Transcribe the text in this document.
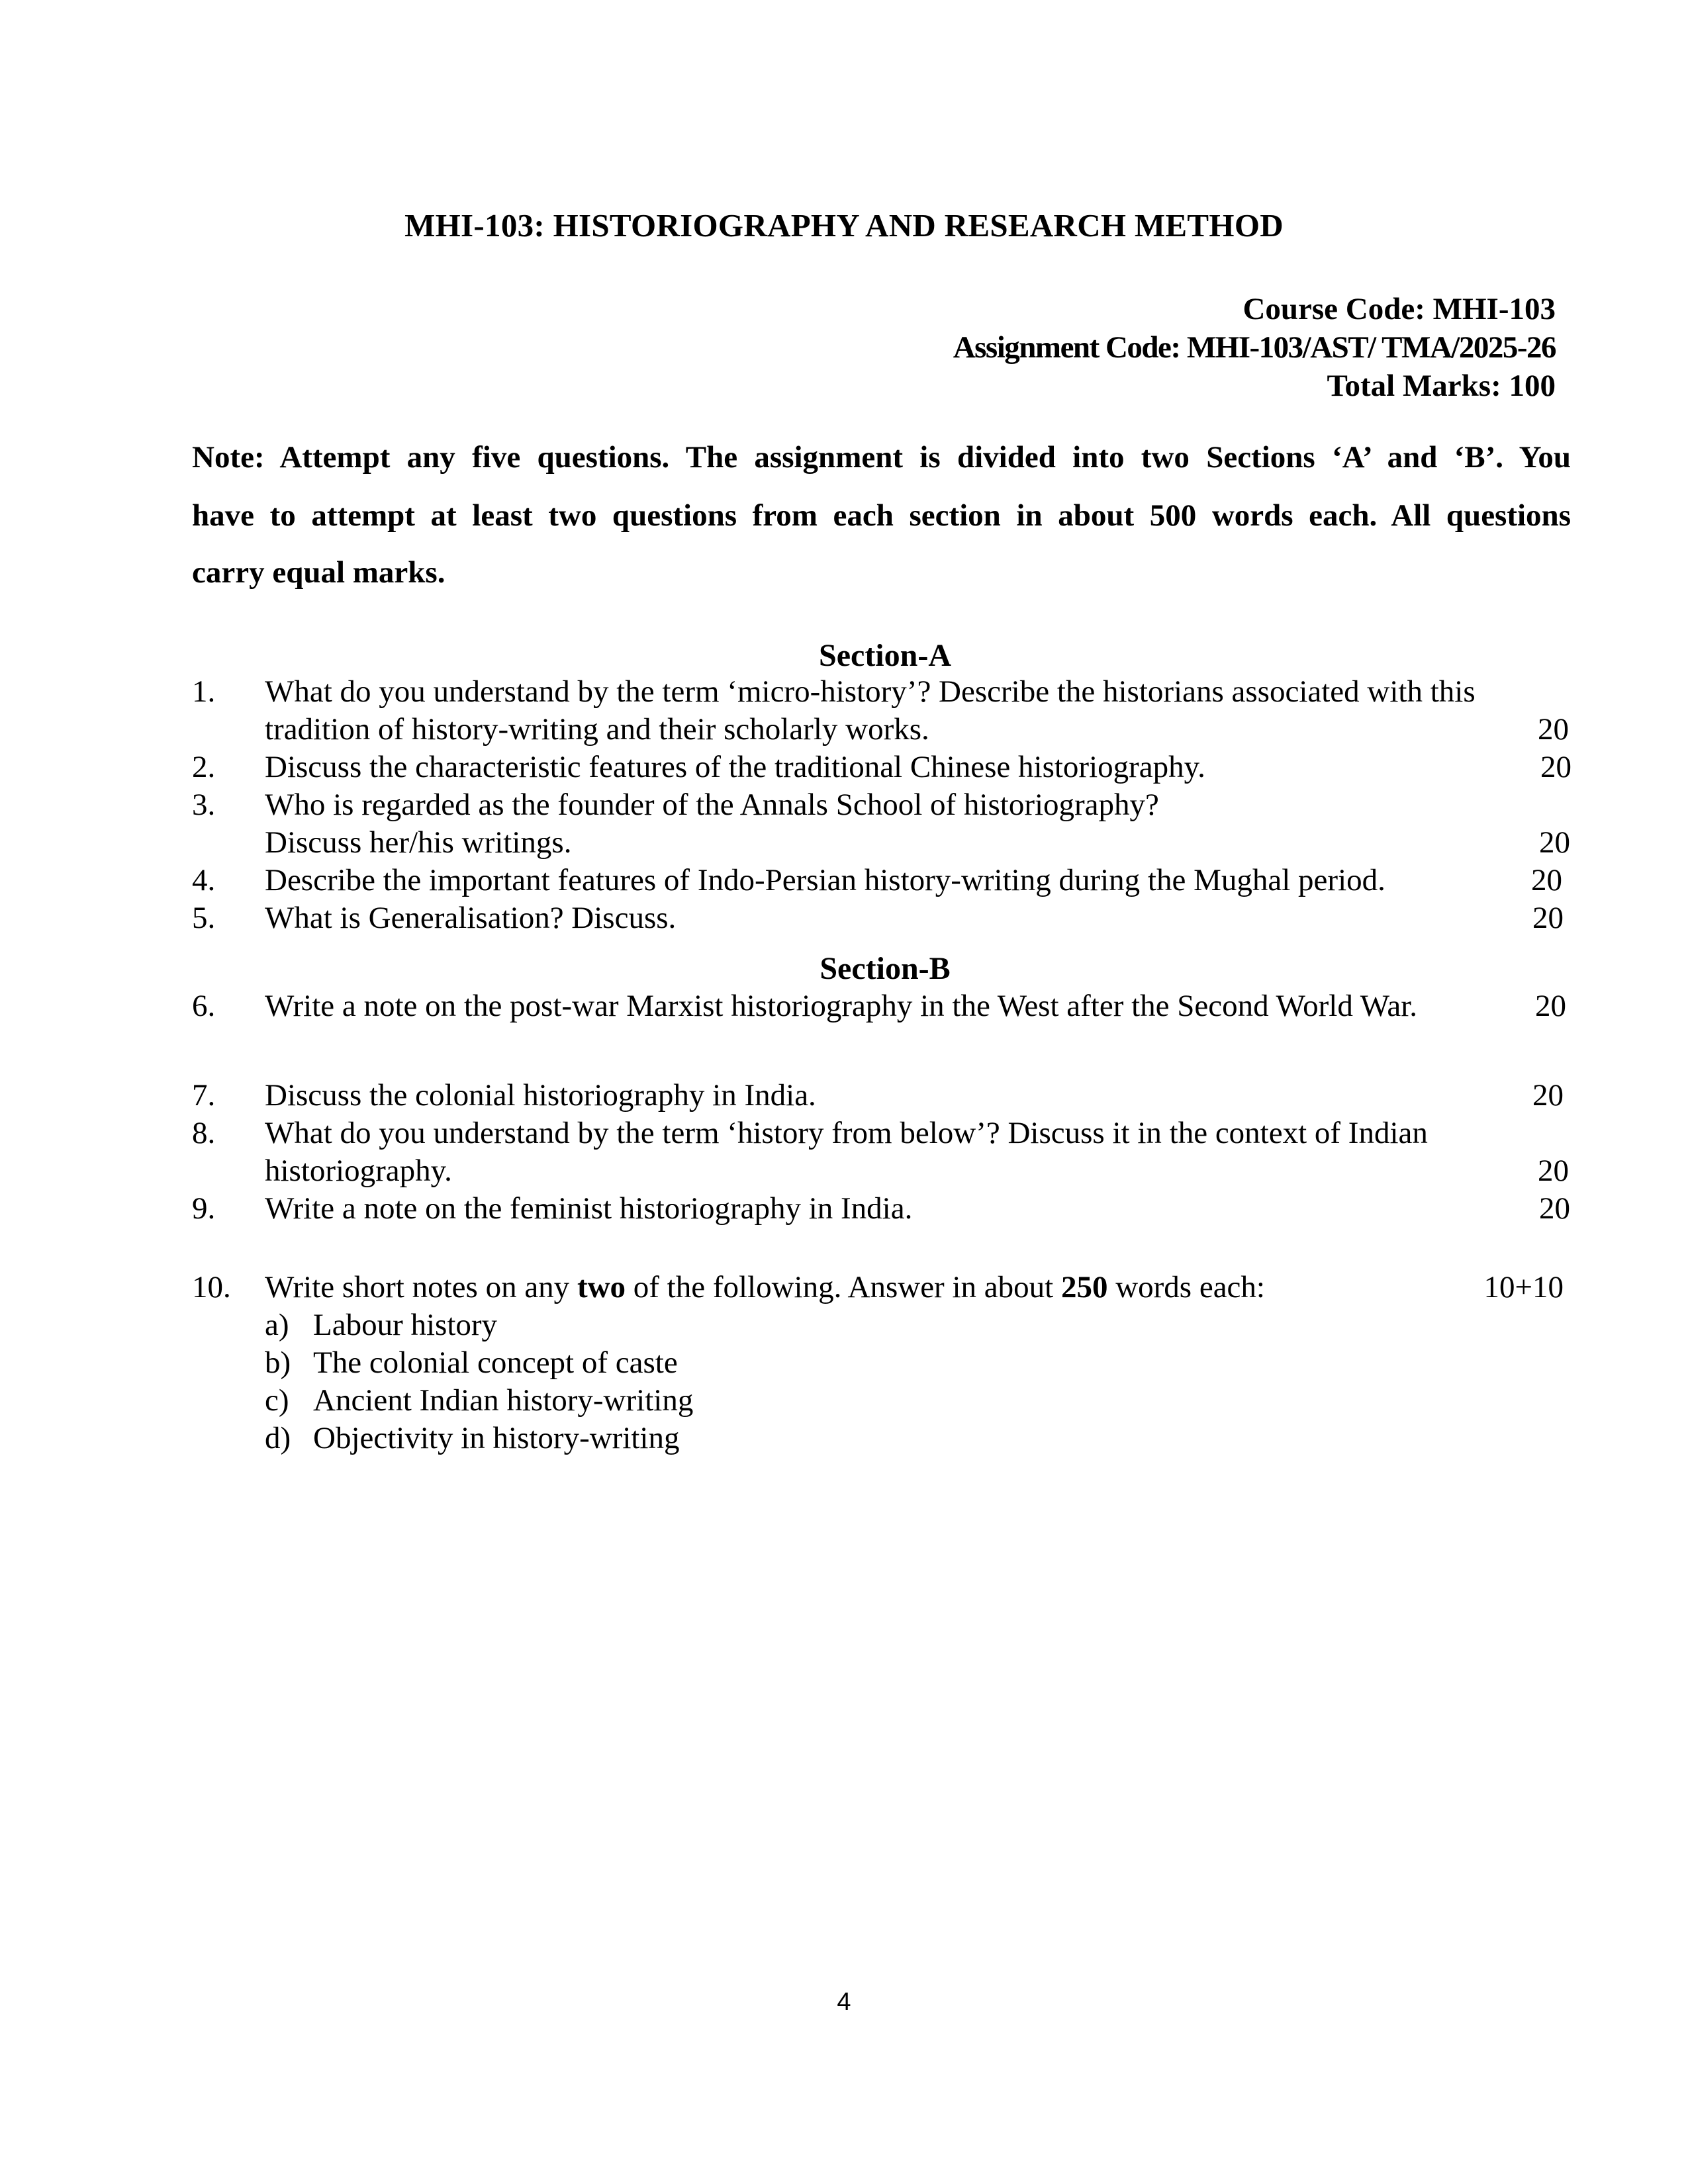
MHI-103: HISTORIOGRAPHY AND RESEARCH METHOD
Course Code: MHI-103
Assignment Code: MHI-103/AST/ TMA/2025-26
Total Marks: 100
Note: Attempt any five questions. The assignment is divided into two Sections ‘A’ and ‘B’. You
have to attempt at least two questions from each section in about 500 words each. All questions
carry equal marks.
Section-A
1. What do you understand by the term ‘micro-history’? Describe the historians associated with this
tradition of history-writing and their scholarly works.	20
2. Discuss the characteristic features of the traditional Chinese historiography.	20
3. Who is regarded as the founder of the Annals School of historiography?
Discuss her/his writings.	20
4. Describe the important features of Indo-Persian history-writing during the Mughal period.	20
5. What is Generalisation? Discuss.	20
Section-B
6. Write a note on the post-war Marxist historiography in the West after the Second World War.	20
7. Discuss the colonial historiography in India.	20
8. What do you understand by the term ‘history from below’? Discuss it in the context of Indian
historiography.	20
9. Write a note on the feminist historiography in India.	20
10. Write short notes on any two of the following. Answer in about 250 words each:	10+10
a) Labour history
b) The colonial concept of caste
c) Ancient Indian history-writing
d) Objectivity in history-writing
4
